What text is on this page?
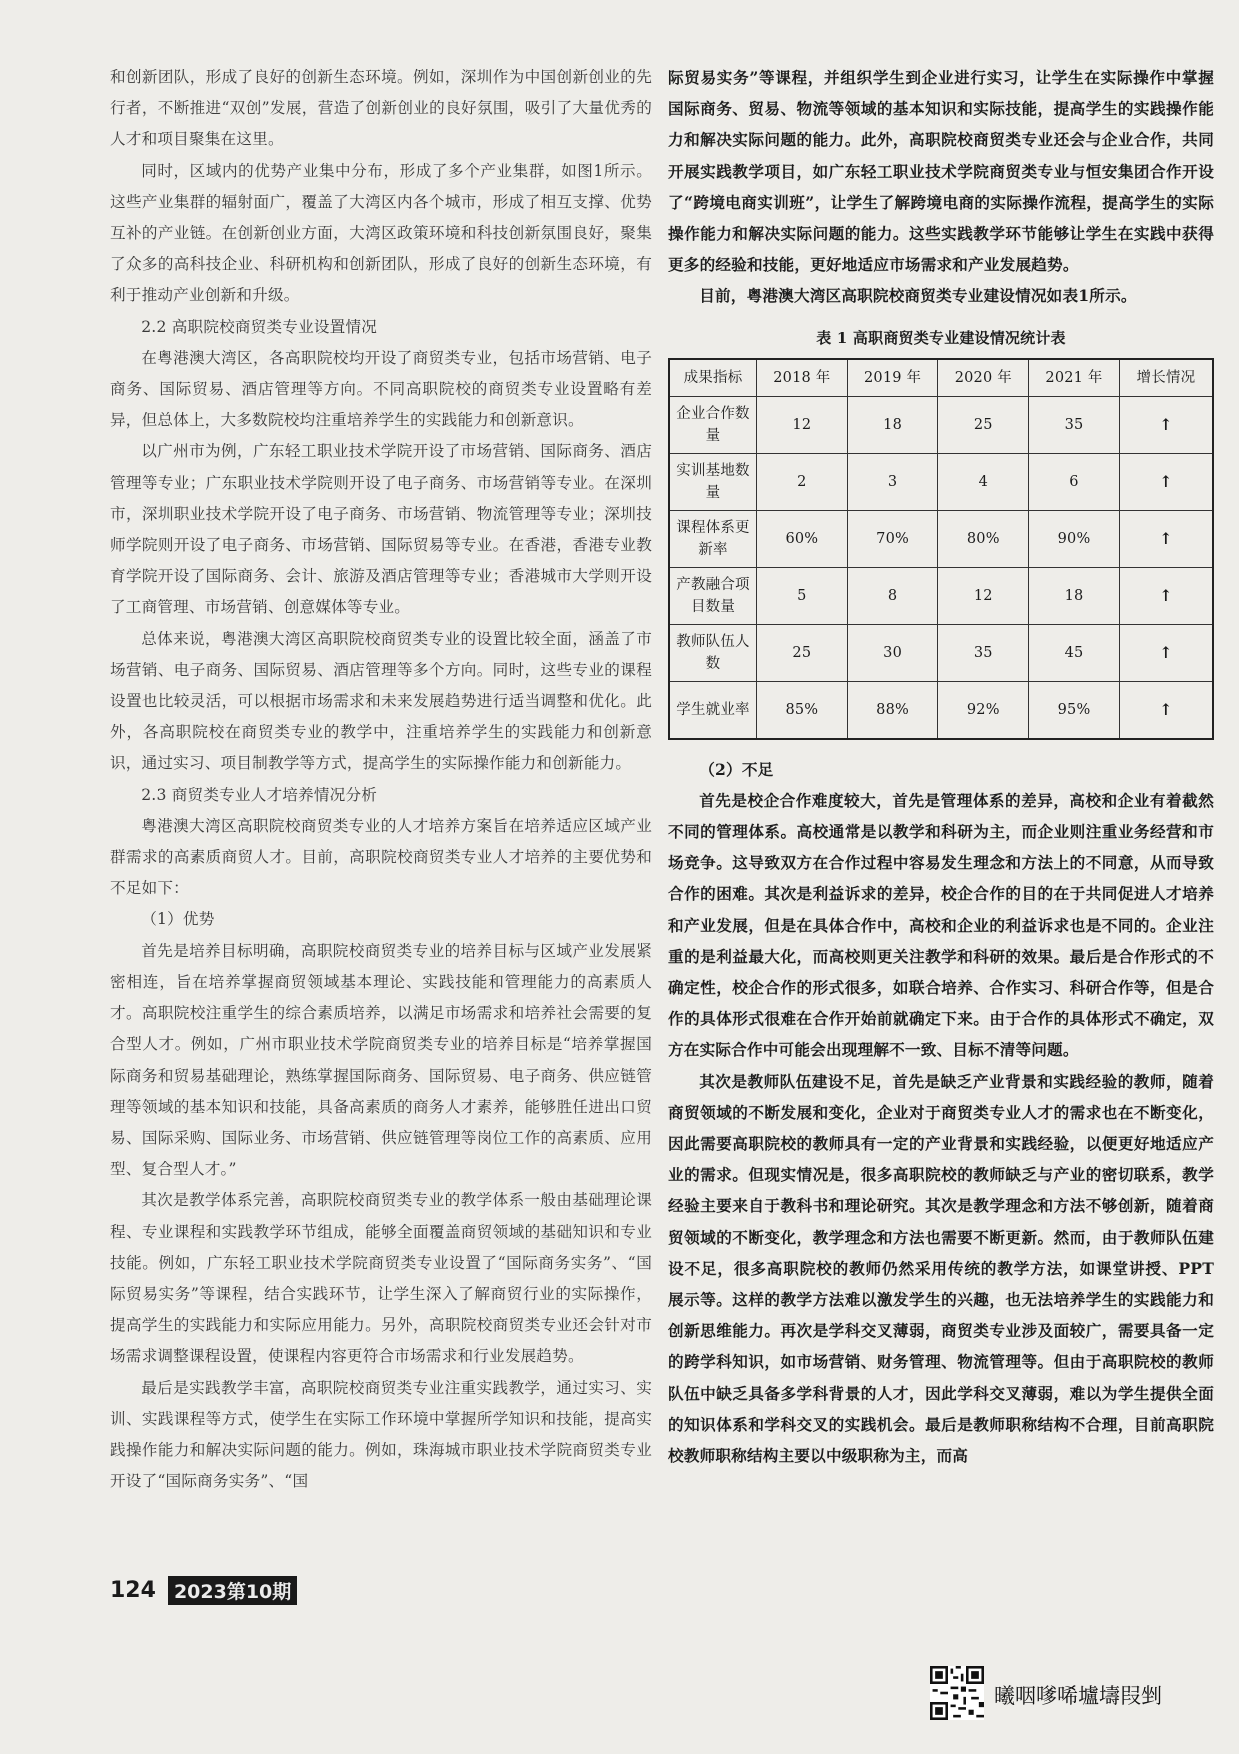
和创新团队，形成了良好的创新生态环境。例如，深圳作为中国创新创业的先行者，不断推进“双创”发展，营造了创新创业的良好氛围，吸引了大量优秀的人才和项目聚集在这里。

同时，区域内的优势产业集中分布，形成了多个产业集群，如图1所示。这些产业集群的辐射面广，覆盖了大湾区内各个城市，形成了相互支撑、优势互补的产业链。在创新创业方面，大湾区政策环境和科技创新氛围良好，聚集了众多的高科技企业、科研机构和创新团队，形成了良好的创新生态环境，有利于推动产业创新和升级。

2.2 高职院校商贸类专业设置情况

在粤港澳大湾区，各高职院校均开设了商贸类专业，包括市场营销、电子商务、国际贸易、酒店管理等方向。不同高职院校的商贸类专业设置略有差异，但总体上，大多数院校均注重培养学生的实践能力和创新意识。

以广州市为例，广东轻工职业技术学院开设了市场营销、国际商务、酒店管理等专业；广东职业技术学院则开设了电子商务、市场营销等专业。在深圳市，深圳职业技术学院开设了电子商务、市场营销、物流管理等专业；深圳技师学院则开设了电子商务、市场营销、国际贸易等专业。在香港，香港专业教育学院开设了国际商务、会计、旅游及酒店管理等专业；香港城市大学则开设了工商管理、市场营销、创意媒体等专业。

总体来说，粤港澳大湾区高职院校商贸类专业的设置比较全面，涵盖了市场营销、电子商务、国际贸易、酒店管理等多个方向。同时，这些专业的课程设置也比较灵活，可以根据市场需求和未来发展趋势进行适当调整和优化。此外，各高职院校在商贸类专业的教学中，注重培养学生的实践能力和创新意识，通过实习、项目制教学等方式，提高学生的实际操作能力和创新能力。

2.3 商贸类专业人才培养情况分析

粤港澳大湾区高职院校商贸类专业的人才培养方案旨在培养适应区域产业群需求的高素质商贸人才。目前，高职院校商贸类专业人才培养的主要优势和不足如下：

（1）优势

首先是培养目标明确，高职院校商贸类专业的培养目标与区域产业发展紧密相连，旨在培养掌握商贸领域基本理论、实践技能和管理能力的高素质人才。高职院校注重学生的综合素质培养，以满足市场需求和培养社会需要的复合型人才。例如，广州市职业技术学院商贸类专业的培养目标是“培养掌握国际商务和贸易基础理论，熟练掌握国际商务、国际贸易、电子商务、供应链管理等领域的基本知识和技能，具备高素质的商务人才素养，能够胜任进出口贸易、国际采购、国际业务、市场营销、供应链管理等岗位工作的高素质、应用型、复合型人才。”

其次是教学体系完善，高职院校商贸类专业的教学体系一般由基础理论课程、专业课程和实践教学环节组成，能够全面覆盖商贸领域的基础知识和专业技能。例如，广东轻工职业技术学院商贸类专业设置了“国际商务实务”、“国际贸易实务”等课程，结合实践环节，让学生深入了解商贸行业的实际操作，提高学生的实践能力和实际应用能力。另外，高职院校商贸类专业还会针对市场需求调整课程设置，使课程内容更符合市场需求和行业发展趋势。

最后是实践教学丰富，高职院校商贸类专业注重实践教学，通过实习、实训、实践课程等方式，使学生在实际工作环境中掌握所学知识和技能，提高实践操作能力和解决实际问题的能力。例如，珠海城市职业技术学院商贸类专业开设了“国际商务实务”、“国

际贸易实务”等课程，并组织学生到企业进行实习，让学生在实际操作中掌握国际商务、贸易、物流等领域的基本知识和实际技能，提高学生的实践操作能力和解决实际问题的能力。此外，高职院校商贸类专业还会与企业合作，共同开展实践教学项目，如广东轻工职业技术学院商贸类专业与恒安集团合作开设了“跨境电商实训班”，让学生了解跨境电商的实际操作流程，提高学生的实际操作能力和解决实际问题的能力。这些实践教学环节能够让学生在实践中获得更多的经验和技能，更好地适应市场需求和产业发展趋势。

目前，粤港澳大湾区高职院校商贸类专业建设情况如表1所示。

表 1 高职商贸类专业建设情况统计表
成果指标	2018 年	2019 年	2020 年	2021 年	增长情况
企业合作数量	12	18	25	35	↑
实训基地数量	2	3	4	6	↑
课程体系更新率	60%	70%	80%	90%	↑
产教融合项目数量	5	8	12	18	↑
教师队伍人数	25	30	35	45	↑
学生就业率	85%	88%	92%	95%	↑

（2）不足

首先是校企合作难度较大，首先是管理体系的差异，高校和企业有着截然不同的管理体系。高校通常是以教学和科研为主，而企业则注重业务经营和市场竞争。这导致双方在合作过程中容易发生理念和方法上的不同意，从而导致合作的困难。其次是利益诉求的差异，校企合作的目的在于共同促进人才培养和产业发展，但是在具体合作中，高校和企业的利益诉求也是不同的。企业注重的是利益最大化，而高校则更关注教学和科研的效果。最后是合作形式的不确定性，校企合作的形式很多，如联合培养、合作实习、科研合作等，但是合作的具体形式很难在合作开始前就确定下来。由于合作的具体形式不确定，双方在实际合作中可能会出现理解不一致、目标不清等问题。

其次是教师队伍建设不足，首先是缺乏产业背景和实践经验的教师，随着商贸领域的不断发展和变化，企业对于商贸类专业人才的需求也在不断变化，因此需要高职院校的教师具有一定的产业背景和实践经验，以便更好地适应产业的需求。但现实情况是，很多高职院校的教师缺乏与产业的密切联系，教学经验主要来自于教科书和理论研究。其次是教学理念和方法不够创新，随着商贸领域的不断变化，教学理念和方法也需要不断更新。然而，由于教师队伍建设不足，很多高职院校的教师仍然采用传统的教学方法，如课堂讲授、PPT 展示等。这样的教学方法难以激发学生的兴趣，也无法培养学生的实践能力和创新思维能力。再次是学科交叉薄弱，商贸类专业涉及面较广，需要具备一定的跨学科知识，如市场营销、财务管理、物流管理等。但由于高职院校的教师队伍中缺乏具备多学科背景的人才，因此学科交叉薄弱，难以为学生提供全面的知识体系和学科交叉的实践机会。最后是教师职称结构不合理，目前高职院校教师职称结构主要以中级职称为主，而高

124 2023第10期
曦咽嗲唏壚壔叚剉
